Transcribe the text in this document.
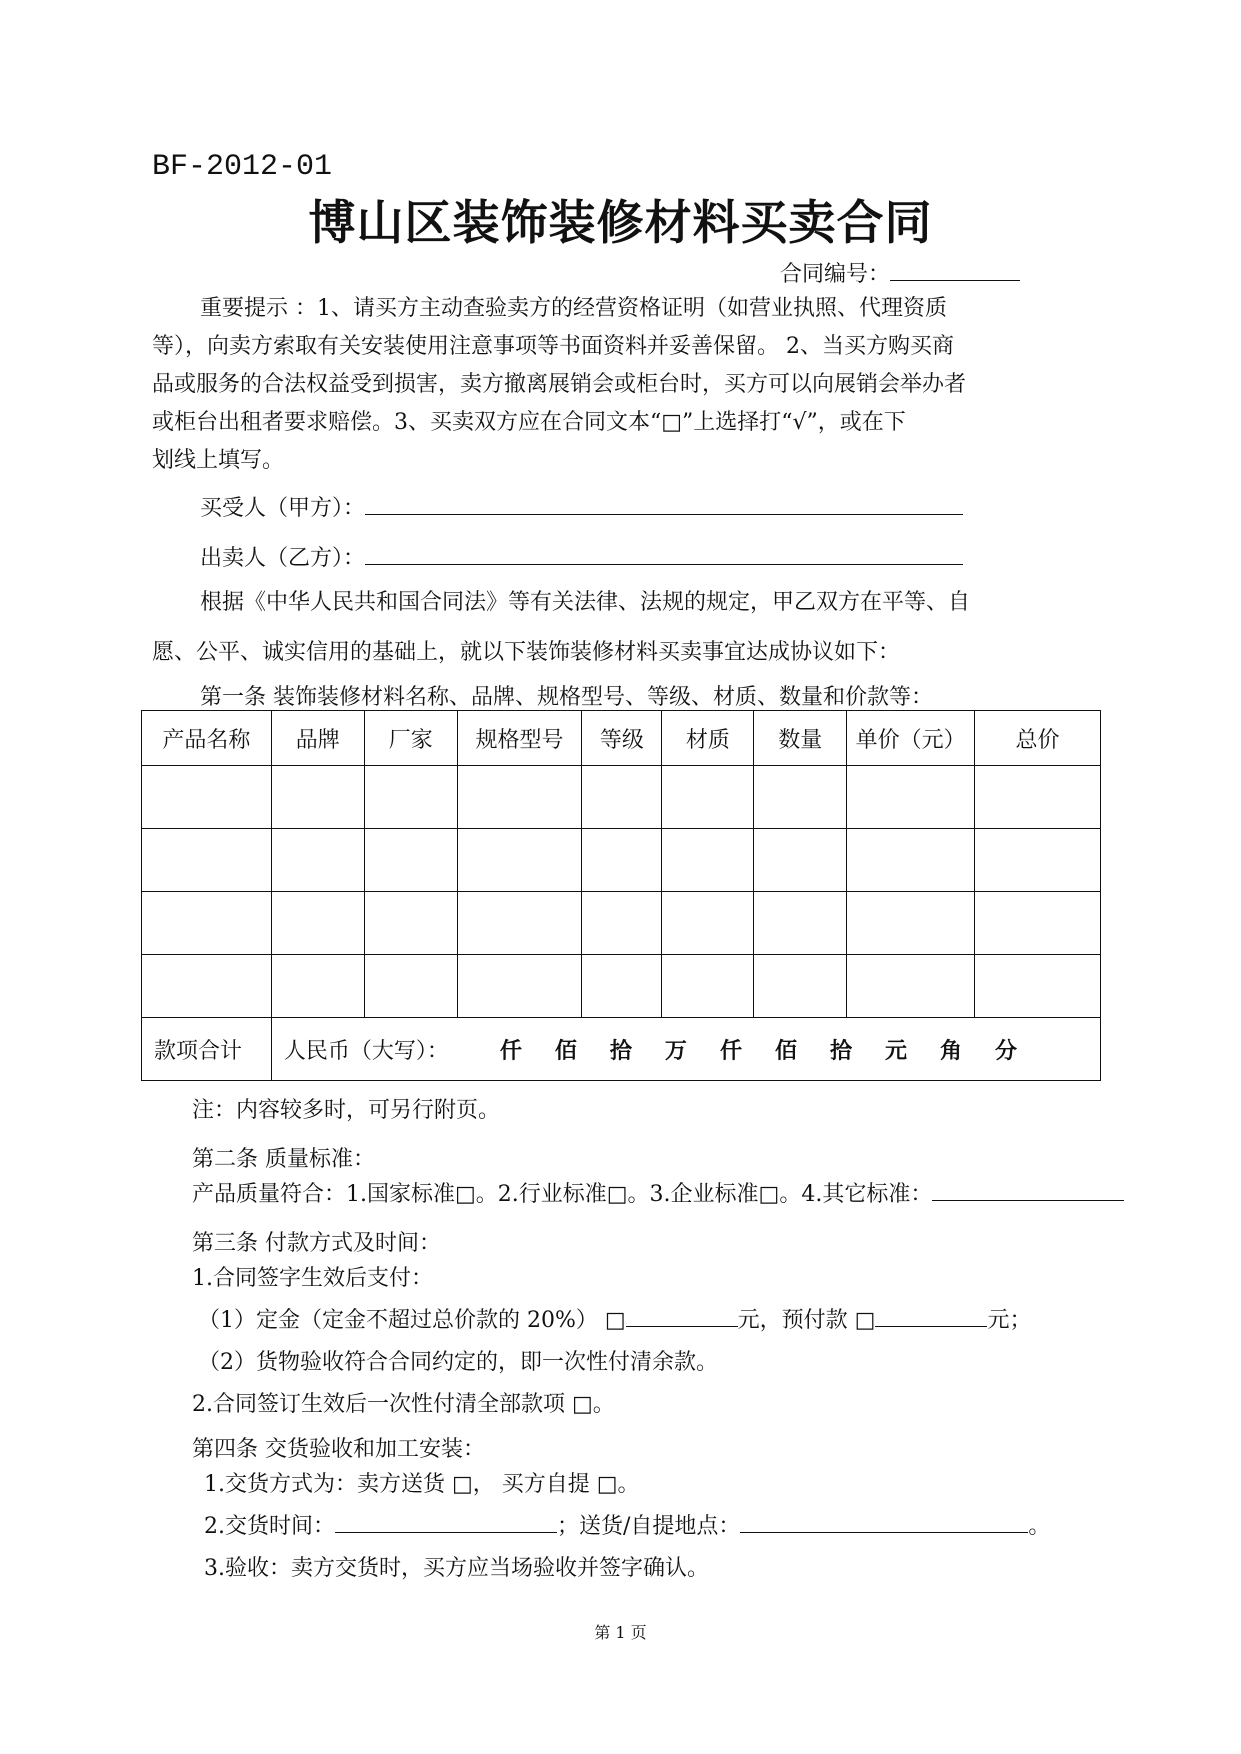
BF-2012-01
博山区装饰装修材料买卖合同
合同编号：
重要提示 ：1、请买方主动查验卖方的经营资格证明（如营业执照、代理资质
等），向卖方索取有关安装使用注意事项等书面资料并妥善保留。 2、当买方购买商
品或服务的合法权益受到损害，卖方撤离展销会或柜台时，买方可以向展销会举办者
或柜台出租者要求赔偿。3、买卖双方应在合同文本“□”上选择打“√”，或在下
划线上填写。
买受人（甲方）：
出卖人（乙方）：
根据《中华人民共和国合同法》等有关法律、法规的规定，甲乙双方在平等、自
愿、公平、诚实信用的基础上，就以下装饰装修材料买卖事宜达成协议如下：
第一条 装饰装修材料名称、品牌、规格型号、等级、材质、数量和价款等：
产品名称	品牌	厂家	规格型号	等级	材质	数量	单价（元）	总价

款项合计	人民币（大写）： 仟 佰 拾 万 仟 佰 拾 元 角 分							
注：内容较多时，可另行附页。
第二条 质量标准：
产品质量符合：1.国家标准□。2.行业标准□。3.企业标准□。4.其它标准：
第三条 付款方式及时间：
1.合同签字生效后支付：
（1）定金（定金不超过总价款的 20%） □	元，预付款 □	元；
（2）货物验收符合合同约定的，即一次性付清余款。
2.合同签订生效后一次性付清全部款项 □。
第四条 交货验收和加工安装：
1.交货方式为：卖方送货 □， 买方自提 □。
2.交货时间：	；送货/自提地点：	。
3.验收：卖方交货时，买方应当场验收并签字确认。
第 1 页
